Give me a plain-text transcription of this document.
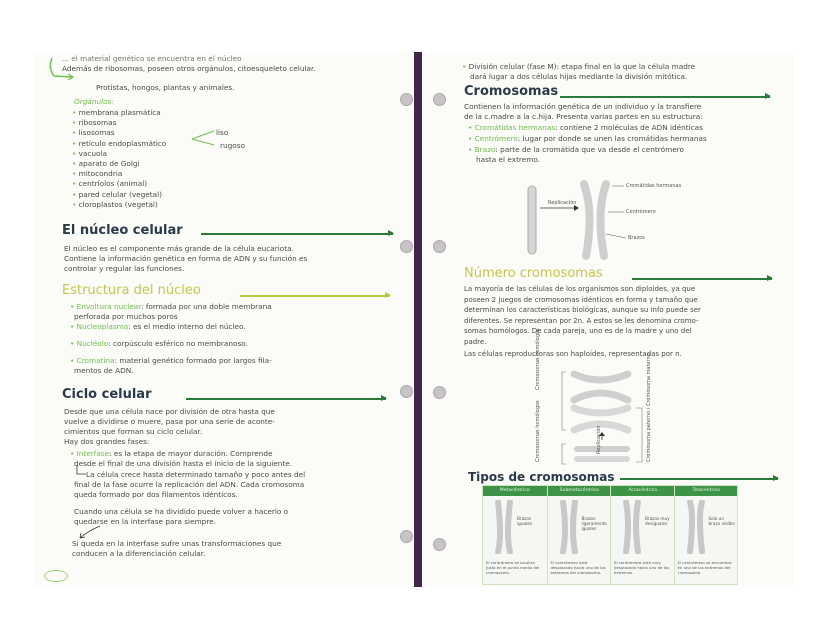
... el material genético se encuentra en el núcleo
Además de ribosomas, poseen otros orgánulos, citoesqueleto celular.
Protistas, hongos, plantas y animales.
Orgánulos:
• membrana plasmática
• ribosomas
• lisosomas
• retículo endoplasmático
• vacuola
• aparato de Golgi
• mitocondria
• centríolos (animal)
• pared celular (vegetal)
• cloroplastos (vegetal)
liso
rugoso
El núcleo celular
El núcleo es el componente más grande de la célula eucariota.
Contiene la información genética en forma de ADN y su función es
controlar y regular las funciones.
Estructura del núcleo
• Envoltura nuclear: formada por una doble membrana
perforada por muchos poros
• Nucleoplasma: es el medio interno del núcleo.
• Nucléolo: corpúsculo esférico no membranoso.
• Cromatina: material genético formado por largos fila-
mentos de ADN.
Ciclo celular
Desde que una célula nace por división de otra hasta que
vuelve a dividirse o muere, pasa por una serie de aconte-
cimientos que forman su ciclo celular.
Hay dos grandes fases:
• Interfase: es la etapa de mayor duración. Comprende
desde el final de una división hasta el inicio de la siguiente.
La célula crece hasta determinado tamaño y poco antes del
final de la fase ocurre la replicación del ADN. Cada cromosoma
queda formado por dos filamentos idénticos.
Cuando una célula se ha dividido puede volver a hacerlo o
quedarse en la interfase para siempre.
Si queda en la interfase sufre unas transformaciones que
conducen a la diferenciación celular.
• División celular (fase M): etapa final en la que la célula madre
dará lugar a dos células hijas mediante la división mitótica.
Cromosomas
Contienen la información genética de un individuo y la transfiere
de la c.madre a la c.hija. Presenta varias partes en su estructura:
• Cromátidas hermanas: contiene 2 moléculas de ADN idénticas
• Centrómero: lugar por donde se unen las cromátidas hermanas
• Brazo: parte de la cromátida que va desde el centrómero
hasta el extremo.
Replicación
Cromátidas hermanas
Centrómero
Brazos
Número cromosomas
La mayoría de las células de los organismos son diploides, ya que
poseen 2 juegos de cromosomas idénticos en forma y tamaño que
determinan los características biológicas, aunque su info puede ser
diferentes. Se representan por 2n. A estos se les denomina cromo-
somas homólogos. De cada pareja, uno es de la madre y uno del
padre.
Las células reproductoras son haploides, representadas por n.
Cromosomas homólogos
Cromosomas homólogos	Replicación	Cromosoma paterno / Cromosoma materno
Tipos de cromosomas
Metacéntrico
Brazos iguales
El centrómero se localiza justo en el punto medio del cromosoma.
Submetacéntrico
Brazos ligeramente iguales
El centrómero está desplazado hacia uno de los extremos del cromosoma.
Acrocéntrico
Brazos muy desiguales
El centrómero está muy desplazado hacia uno de los extremos.
Telocéntrico
Solo un brazo visible
El centrómero se encuentra en uno de los extremos del cromosoma.
